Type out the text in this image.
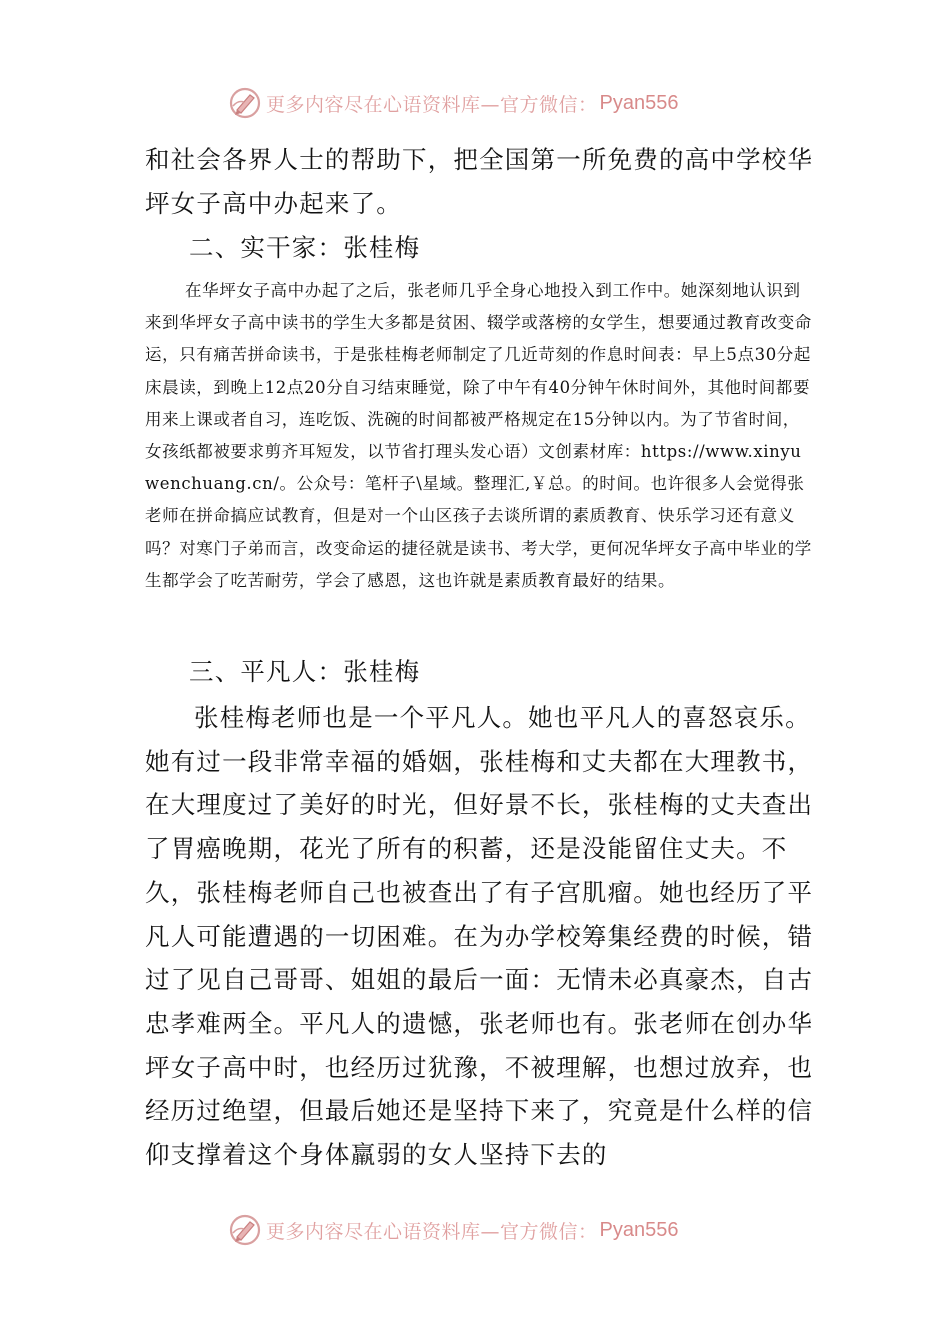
更多内容尽在心语资料库—官方微信： Pyan556

和社会各界人士的帮助下，把全国第一所免费的高中学校华坪女子高中办起来了。

二、实干家：张桂梅

在华坪女子高中办起了之后，张老师几乎全身心地投入到工作中。她深刻地认识到来到华坪女子高中读书的学生大多都是贫困、辍学或落榜的女学生，想要通过教育改变命运，只有痛苦拼命读书，于是张桂梅老师制定了几近苛刻的作息时间表：早上5点30分起床晨读，到晚上12点20分自习结束睡觉，除了中午有40分钟午休时间外，其他时间都要用来上课或者自习，连吃饭、洗碗的时间都被严格规定在15分钟以内。为了节省时间，女孩纸都被要求剪齐耳短发，以节省打理头发心语）文创素材库：https://www.xinyuwenchuang.cn/。公众号：笔杆子\星域。整理汇,￥总。的时间。也许很多人会觉得张老师在拼命搞应试教育，但是对一个山区孩子去谈所谓的素质教育、快乐学习还有意义吗？对寒门子弟而言，改变命运的捷径就是读书、考大学，更何况华坪女子高中毕业的学生都学会了吃苦耐劳，学会了感恩，这也许就是素质教育最好的结果。

三、平凡人：张桂梅

张桂梅老师也是一个平凡人。她也平凡人的喜怒哀乐。她有过一段非常幸福的婚姻，张桂梅和丈夫都在大理教书，在大理度过了美好的时光，但好景不长，张桂梅的丈夫查出了胃癌晚期，花光了所有的积蓄，还是没能留住丈夫。不久，张桂梅老师自己也被查出了有子宫肌瘤。她也经历了平凡人可能遭遇的一切困难。在为办学校筹集经费的时候，错过了见自己哥哥、姐姐的最后一面：无情未必真豪杰，自古忠孝难两全。平凡人的遗憾，张老师也有。张老师在创办华坪女子高中时，也经历过犹豫，不被理解，也想过放弃，也经历过绝望，但最后她还是坚持下来了，究竟是什么样的信仰支撑着这个身体羸弱的女人坚持下去的

更多内容尽在心语资料库—官方微信： Pyan556
